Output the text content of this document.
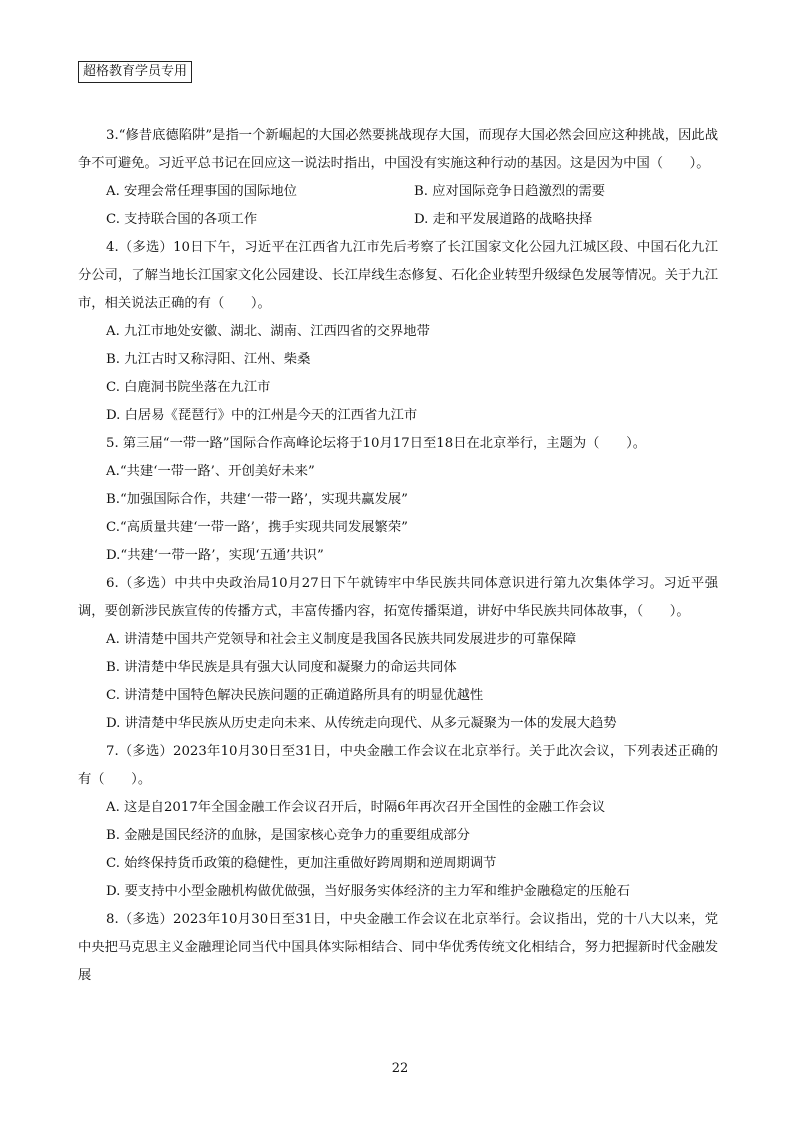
超格教育学员专用

3.“修昔底德陷阱”是指一个新崛起的大国必然要挑战现存大国，而现存大国必然会回应这种挑战，因此战争不可避免。习近平总书记在回应这一说法时指出，中国没有实施这种行动的基因。这是因为中国（　　）。

A. 安理会常任理事国的国际地位	B. 应对国际竞争日趋激烈的需要
C. 支持联合国的各项工作	D. 走和平发展道路的战略抉择

4.（多选）10日下午，习近平在江西省九江市先后考察了长江国家文化公园九江城区段、中国石化九江分公司，了解当地长江国家文化公园建设、长江岸线生态修复、石化企业转型升级绿色发展等情况。关于九江市，相关说法正确的有（　　）。

A. 九江市地处安徽、湖北、湖南、江西四省的交界地带
B. 九江古时又称浔阳、江州、柴桑
C. 白鹿洞书院坐落在九江市
D. 白居易《琵琶行》中的江州是今天的江西省九江市

5. 第三届“一带一路”国际合作高峰论坛将于10月17日至18日在北京举行，主题为（　　）。

A.“共建‘一带一路’、开创美好未来”
B.“加强国际合作，共建‘一带一路’，实现共赢发展”
C.“高质量共建‘一带一路’，携手实现共同发展繁荣”
D.“共建‘一带一路’，实现‘五通’共识”

6.（多选）中共中央政治局10月27日下午就铸牢中华民族共同体意识进行第九次集体学习。习近平强调，要创新涉民族宣传的传播方式，丰富传播内容，拓宽传播渠道，讲好中华民族共同体故事，（　　）。

A. 讲清楚中国共产党领导和社会主义制度是我国各民族共同发展进步的可靠保障
B. 讲清楚中华民族是具有强大认同度和凝聚力的命运共同体
C. 讲清楚中国特色解决民族问题的正确道路所具有的明显优越性
D. 讲清楚中华民族从历史走向未来、从传统走向现代、从多元凝聚为一体的发展大趋势

7.（多选）2023年10月30日至31日，中央金融工作会议在北京举行。关于此次会议，下列表述正确的有（　　）。

A. 这是自2017年全国金融工作会议召开后，时隔6年再次召开全国性的金融工作会议
B. 金融是国民经济的血脉，是国家核心竞争力的重要组成部分
C. 始终保持货币政策的稳健性，更加注重做好跨周期和逆周期调节
D. 要支持中小型金融机构做优做强，当好服务实体经济的主力军和维护金融稳定的压舱石

8.（多选）2023年10月30日至31日，中央金融工作会议在北京举行。会议指出，党的十八大以来，党中央把马克思主义金融理论同当代中国具体实际相结合、同中华优秀传统文化相结合，努力把握新时代金融发展

22
